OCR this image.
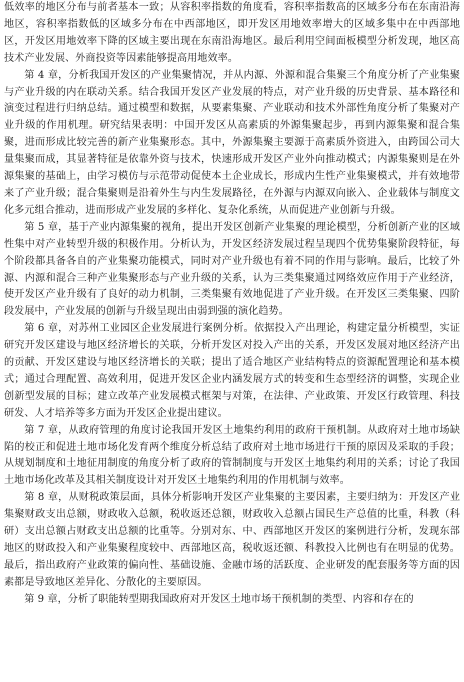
低效率的地区分布与前者基本一致；从容积率指数的角度看，容积率指数高的区域多分布在东南沿海地区，容积率指数低的区域多分布在中西部地区，即开发区用地效率增大的区域多集中在中西部地区，开发区用地效率下降的区域主要出现在东南沿海地区。最后利用空间面板模型分析发现，地区高技术产业发展、外商投资等因素能够提高用地效率。

第 4 章，分析我国开发区的产业集聚情况，并从内源、外源和混合集聚三个角度分析了产业集聚与产业升级的内在联动关系。结合我国开发区产业发展的特点，对产业升级的历史背景、基本路径和演变过程进行归纳总结。通过模型和数据，从要素集聚、产业联动和技术外部性角度分析了集聚对产业升级的作用机理。研究结果表明：中国开发区从高素质的外源集聚起步，再到内源集聚和混合集聚，进而形成比较完善的新产业集聚形态。其中，外源集聚主要源于高素质外资进入，由跨国公司大量集聚而成，其显著特征是依靠外资与技术，快速形成开发区产业外向推动模式；内源集聚则是在外源集聚的基础上，由学习模仿与示范带动促使本土企业成长，形成内生性产业集聚模式，并有效地带来了产业升级；混合集聚则是沿着外生与内生发展路径，在外源与内源双向嵌入、企业载体与制度文化多元组合推动，进而形成产业发展的多样化、复杂化系统，从而促进产业创新与升级。

第 5 章，基于产业内源集聚的视角，提出开发区创新产业集聚的理论模型，分析创新产业的区域性集中对产业转型升级的积极作用。分析认为，开发区经济发展过程呈现四个优势集聚阶段特征，每个阶段都具备各自的产业集聚功能模式，同时对产业升级也有着不同的作用与影响。最后，比较了外源、内源和混合三种产业集聚形态与产业升级的关系，认为三类集聚通过网络效应作用于产业经济，使开发区产业升级有了良好的动力机制，三类集聚有效地促进了产业升级。在开发区三类集聚、四阶段发展中，产业发展的创新与升级呈现出由弱到强的演化趋势。

第 6 章，对苏州工业园区企业发展进行案例分析。依据投入产出理论，构建定量分析模型，实证研究开发区建设与地区经济增长的关联，分析开发区对投入产出的关系，开发区发展对地区经济产出的贡献、开发区建设与地区经济增长的关联；提出了适合地区产业结构特点的资源配置理论和基本模式；通过合理配置、高效利用，促进开发区企业内涵发展方式的转变和生态型经济的调整，实现企业创新型发展的目标；建立改革产业发展模式框架与对策，在法律、产业政策、开发区行政管理、科技研发、人才培养等多方面为开发区企业提出建议。

第 7 章，从政府管理的角度讨论我国开发区土地集约利用的政府干预机制。从政府对土地市场缺陷的校正和促进土地市场化发育两个维度分析总结了政府对土地市场进行干预的原因及采取的手段；从规划制度和土地征用制度的角度分析了政府的管制制度与开发区土地集约利用的关系；讨论了我国土地市场化改革及其相关制度设计对开发区土地集约利用的作用机制与效率。

第 8 章，从财税政策层面，具体分析影响开发区产业集聚的主要因素，主要归纳为：开发区产业集聚财政支出总额，财政收入总额，税收返还总额，财政收入总额占国民生产总值的比重，科教（科研）支出总额占财政支出总额的比重等。分别对东、中、西部地区开发区的案例进行分析，发现东部地区的财政投入和产业集聚程度较中、西部地区高，税收返还额、科教投入比例也有在明显的优势。最后，指出政府产业政策的偏向性、基础设施、金融市场的活跃度、企业研发的配套服务等方面的因素都是导致地区差异化、分散化的主要原因。

第 9 章，分析了职能转型期我国政府对开发区土地市场干预机制的类型、内容和存在的
